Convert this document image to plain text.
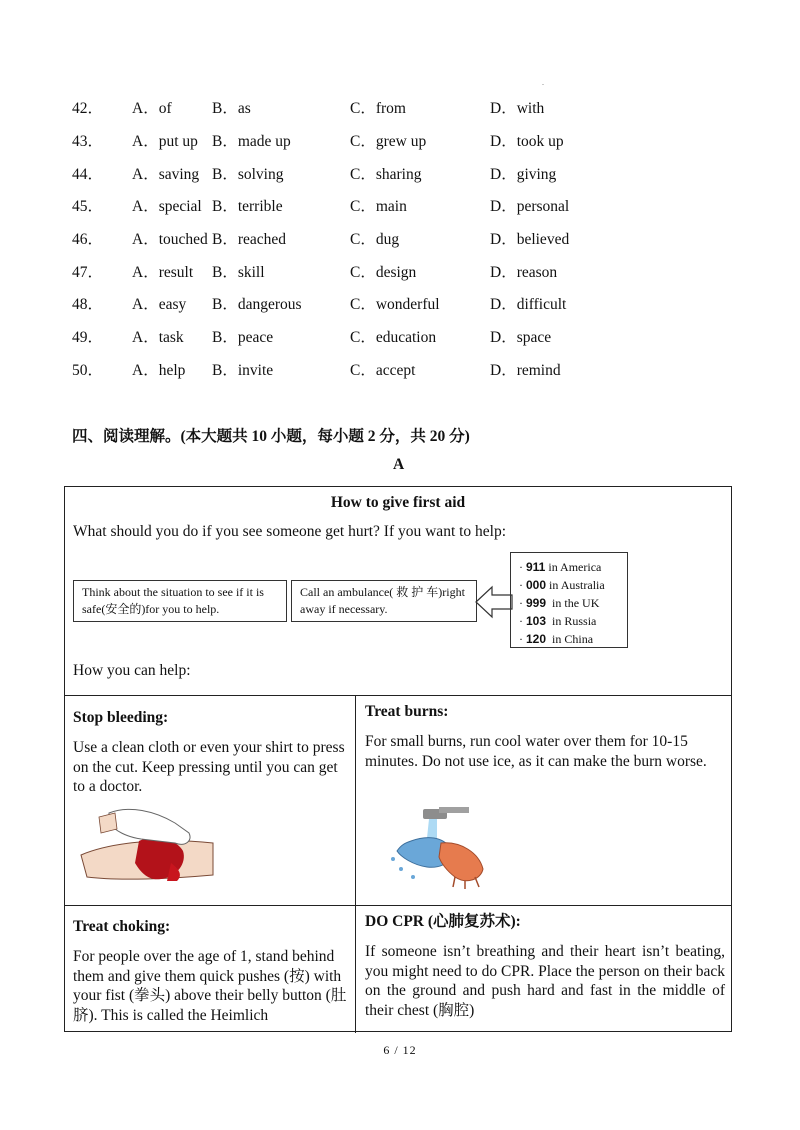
.
42． A．of	B．as	C．from	D．with
43． A．put up B．made up	C．grew up	D．took up
44． A．saving B．solving	C．sharing	D．giving
45． A．special B．terrible	C．main	D．personal
46． A．touched B．reached	C．dug	D．believed
47． A．result B．skill	C．design	D．reason
48． A．easy B．dangerous	C．wonderful	D．difficult
49． A．task B．peace	C．education	D．space
50． A．help B．invite	C．accept	D．remind
四、阅读理解。(本大题共 10 小题，每小题 2 分，共 20 分)
A
How to give first aid
What should you do if you see someone get hurt? If you want to help:
Think about the situation to see if it is safe(安全的)for you to help.
Call an ambulance( 救 护 车)right away if necessary.
· 911 in America
· 000 in Australia
· 999 in the UK
· 103 in Russia
· 120 in China
How you can help:
Stop bleeding:
Use a clean cloth or even your shirt to press on the cut. Keep pressing until you can get to a doctor.
Treat burns:
For small burns, run cool water over them for 10-15 minutes. Do not use ice, as it can make the burn worse.
Treat choking:
For people over the age of 1, stand behind them and give them quick pushes (按) with your fist (拳头) above their belly button (肚脐). This is called the Heimlich
DO CPR (心肺复苏术):
If someone isn’t breathing and their heart isn’t beating, you might need to do CPR. Place the person on their back on the ground and push hard and fast in the middle of their chest (胸腔)
6 / 12
